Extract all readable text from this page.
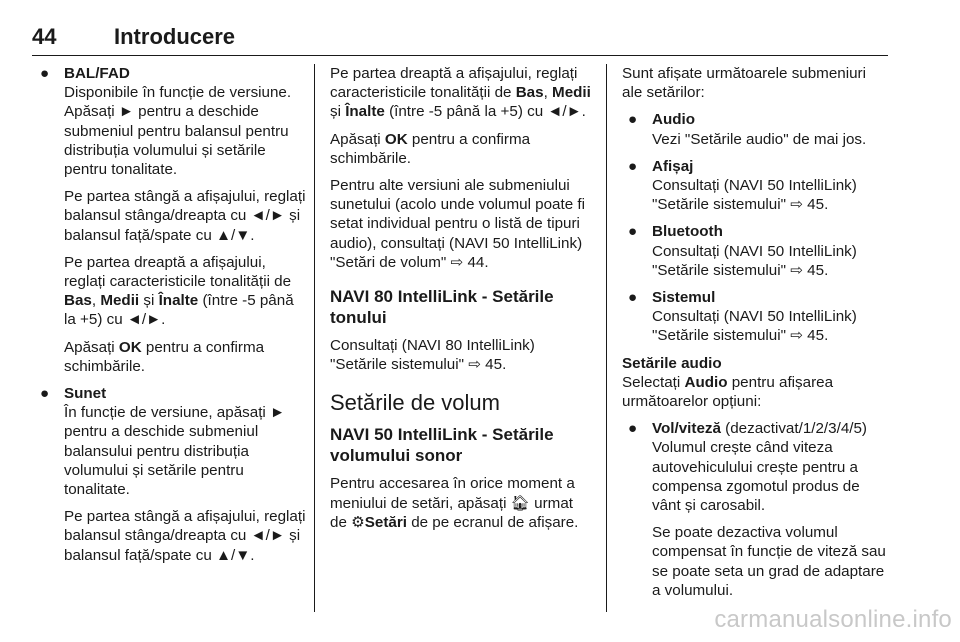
44	Introducere
● BAL/FAD

Disponibile în funcție de versiune. Apăsați ► pentru a deschide submeniul pentru balansul pentru distribuția volumului și setările pentru tonalitate.

Pe partea stângă a afișajului, reglați balansul stânga/dreapta cu ◄/► și balansul față/spate cu ▲/▼.

Pe partea dreaptă a afișajului, reglați caracteristicile tonalității de Bas, Medii și Înalte (între -5 până la +5) cu ◄/►.

Apăsați OK pentru a confirma schimbările.

● Sunet

În funcție de versiune, apăsați ► pentru a deschide submeniul balansului pentru distribuția volumului și setările pentru tonalitate.

Pe partea stângă a afișajului, reglați balansul stânga/dreapta cu ◄/► și balansul față/spate cu ▲/▼.

Pe partea dreaptă a afișajului, reglați caracteristicile tonalității de Bas, Medii și Înalte (între -5 până la +5) cu ◄/►.

Apăsați OK pentru a confirma schimbările.

Pentru alte versiuni ale submeniului sunetului (acolo unde volumul poate fi setat individual pentru o listă de tipuri audio), consultați (NAVI 50 IntelliLink) "Setări de volum" ⇨ 44.

NAVI 80 IntelliLink - Setările tonului

Consultați (NAVI 80 IntelliLink) "Setările sistemului" ⇨ 45.

Setările de volum
NAVI 50 IntelliLink - Setările volumului sonor

Pentru accesarea în orice moment a meniului de setări, apăsați 🏠︎ urmat de ⚙Setări de pe ecranul de afișare.

Sunt afișate următoarele submeniuri ale setărilor:

● Audio
Vezi "Setările audio" de mai jos.
● Afișaj
Consultați (NAVI 50 IntelliLink) "Setările sistemului" ⇨ 45.
● Bluetooth
Consultați (NAVI 50 IntelliLink) "Setările sistemului" ⇨ 45.
● Sistemul
Consultați (NAVI 50 IntelliLink) "Setările sistemului" ⇨ 45.
Setările audio

Selectați Audio pentru afișarea următoarelor opțiuni:

● Vol/viteză (dezactivat/1/2/3/4/5)

Volumul crește când viteza autovehiculului crește pentru a compensa zgomotul produs de vânt și carosabil.

Se poate dezactiva volumul compensat în funcție de viteză sau se poate seta un grad de adaptare a volumului.

carmanualsonline.info
